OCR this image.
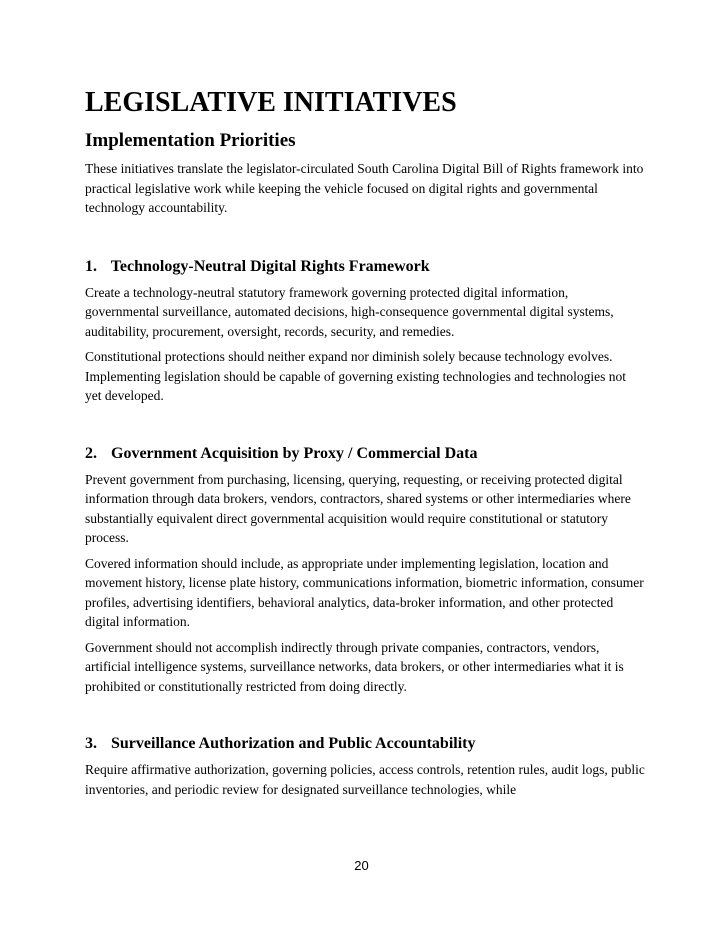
LEGISLATIVE INITIATIVES
Implementation Priorities
These initiatives translate the legislator-circulated South Carolina Digital Bill of Rights framework into practical legislative work while keeping the vehicle focused on digital rights and governmental technology accountability.
1. Technology-Neutral Digital Rights Framework
Create a technology-neutral statutory framework governing protected digital information, governmental surveillance, automated decisions, high-consequence governmental digital systems, auditability, procurement, oversight, records, security, and remedies.
Constitutional protections should neither expand nor diminish solely because technology evolves. Implementing legislation should be capable of governing existing technologies and technologies not yet developed.
2. Government Acquisition by Proxy / Commercial Data
Prevent government from purchasing, licensing, querying, requesting, or receiving protected digital information through data brokers, vendors, contractors, shared systems or other intermediaries where substantially equivalent direct governmental acquisition would require constitutional or statutory process.
Covered information should include, as appropriate under implementing legislation, location and movement history, license plate history, communications information, biometric information, consumer profiles, advertising identifiers, behavioral analytics, data-broker information, and other protected digital information.
Government should not accomplish indirectly through private companies, contractors, vendors, artificial intelligence systems, surveillance networks, data brokers, or other intermediaries what it is prohibited or constitutionally restricted from doing directly.
3. Surveillance Authorization and Public Accountability
Require affirmative authorization, governing policies, access controls, retention rules, audit logs, public inventories, and periodic review for designated surveillance technologies, while
20
